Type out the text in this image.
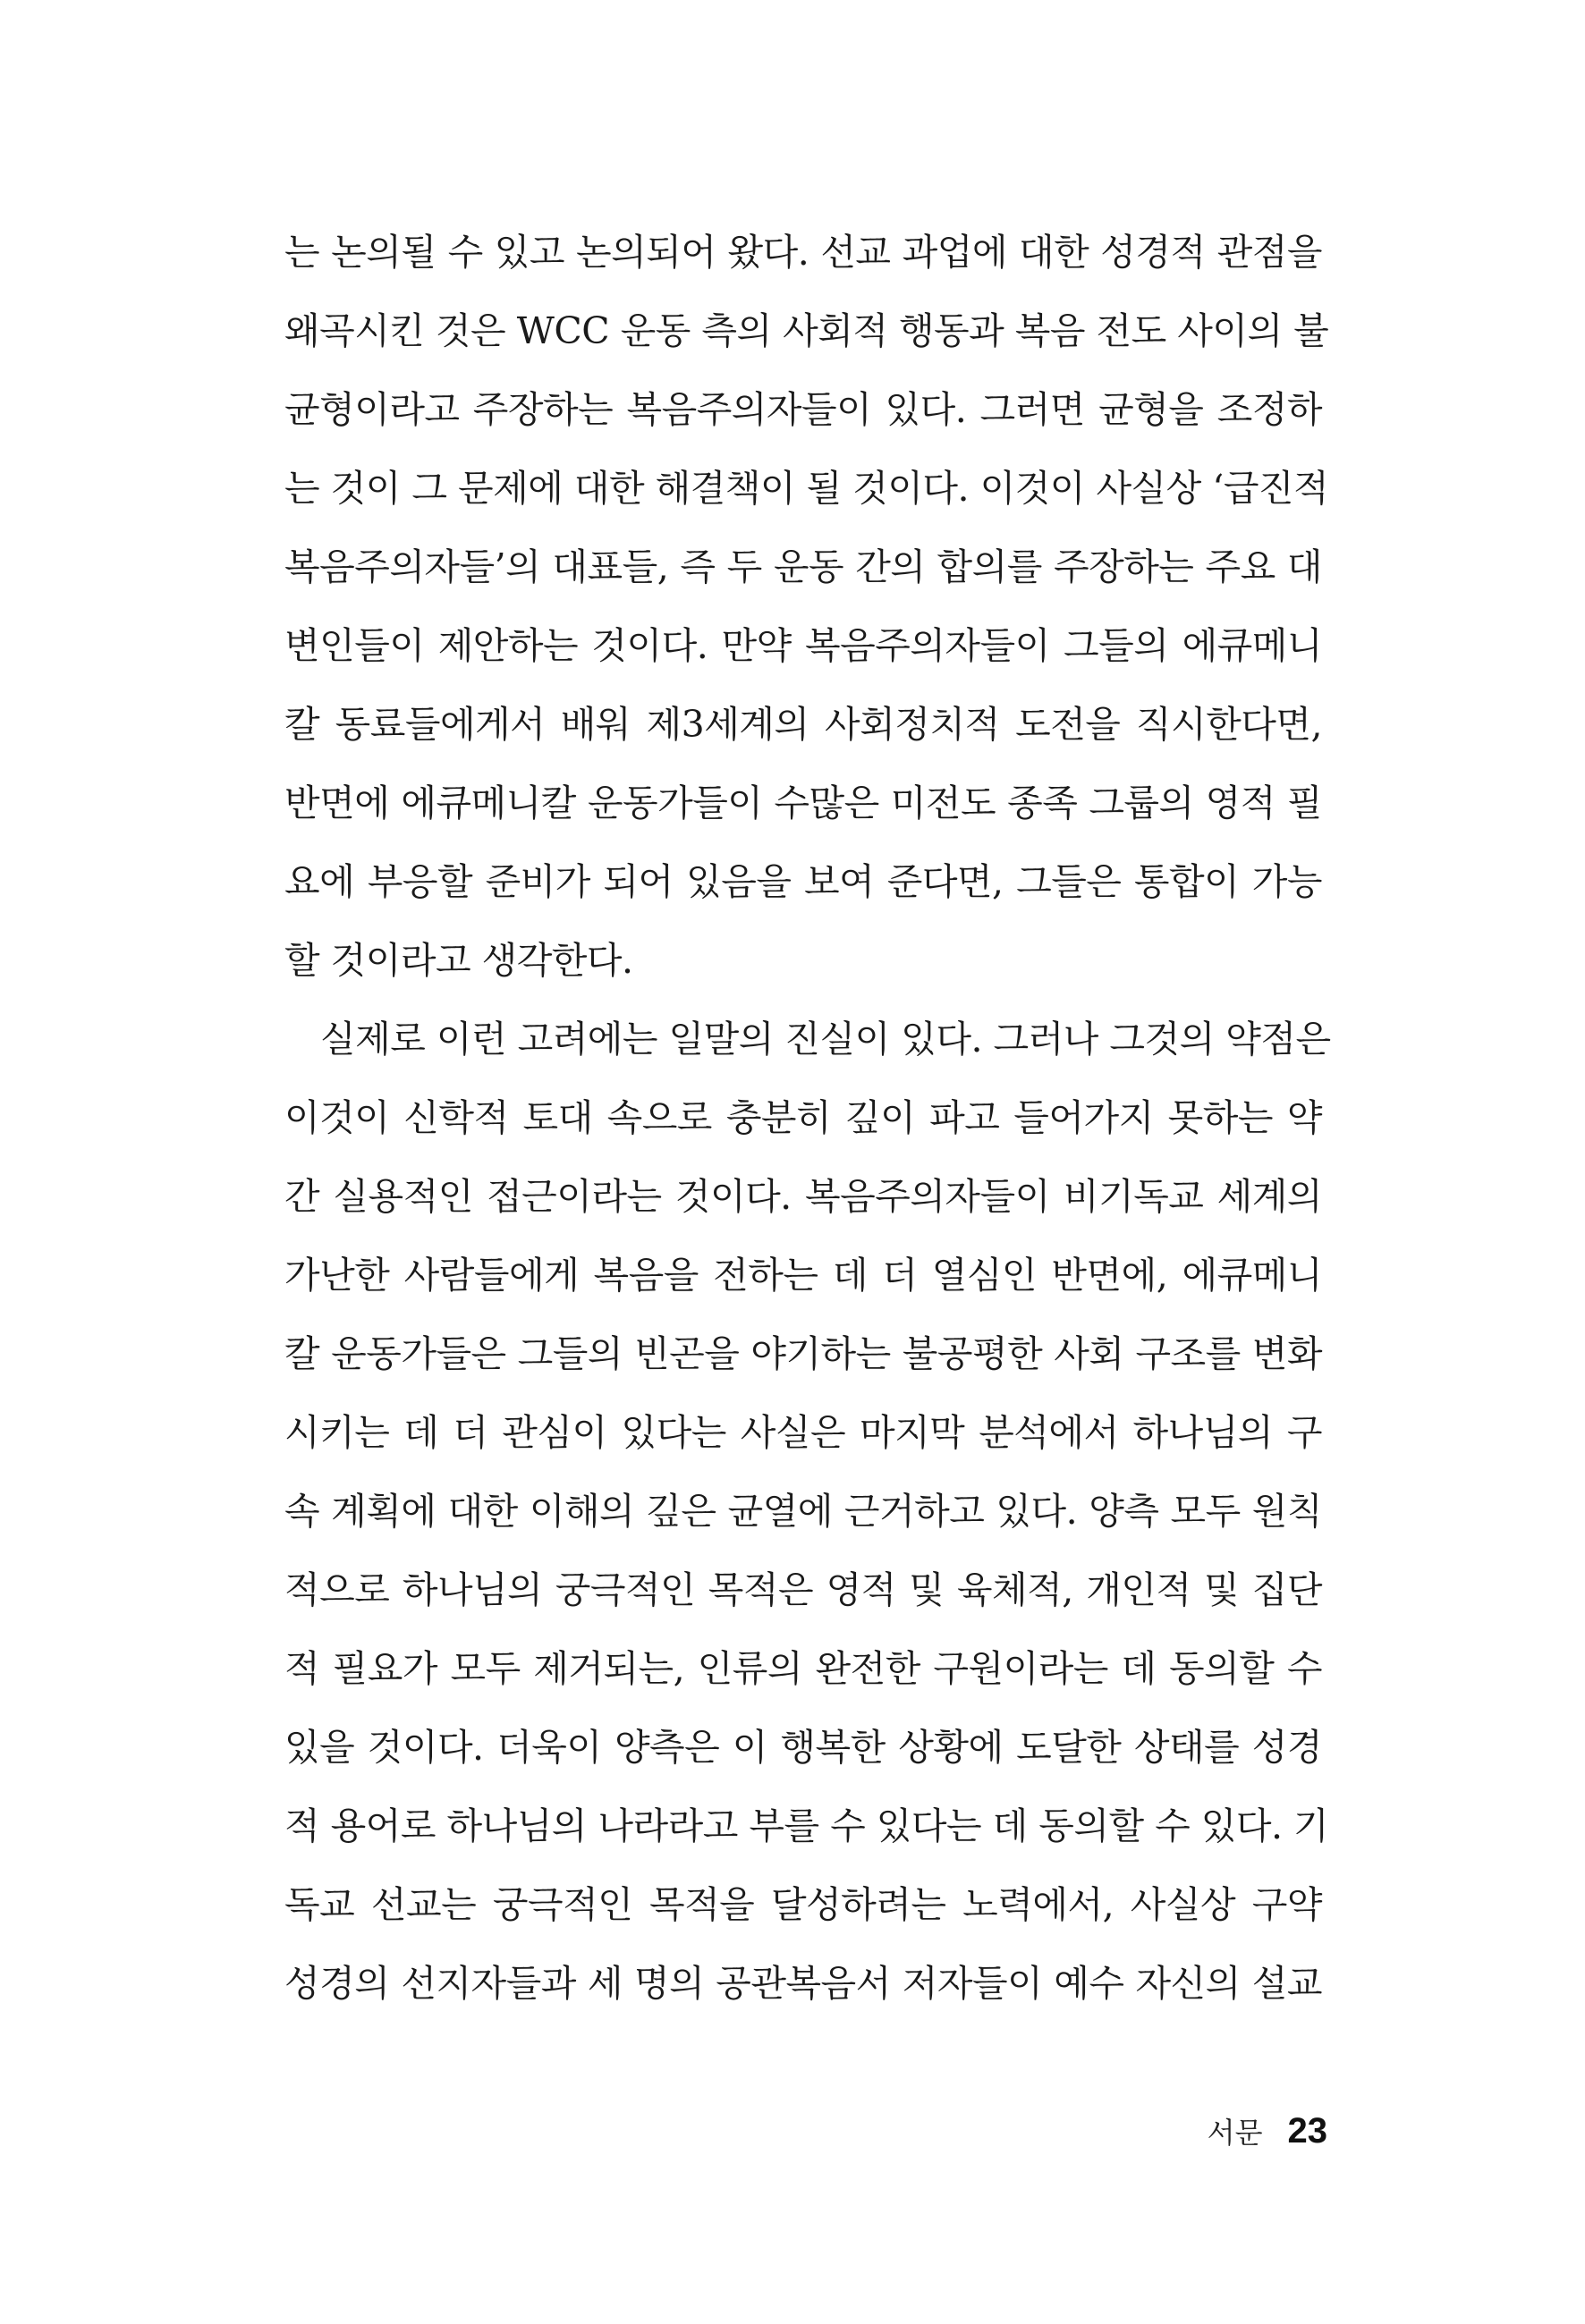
는 논의될 수 있고 논의되어 왔다. 선교 과업에 대한 성경적 관점을
왜곡시킨 것은 WCC 운동 측의 사회적 행동과 복음 전도 사이의 불
균형이라고 주장하는 복음주의자들이 있다. 그러면 균형을 조정하
는 것이 그 문제에 대한 해결책이 될 것이다. 이것이 사실상 ‘급진적
복음주의자들’의 대표들, 즉 두 운동 간의 합의를 주장하는 주요 대
변인들이 제안하는 것이다. 만약 복음주의자들이 그들의 에큐메니
칼 동료들에게서 배워 제3세계의 사회정치적 도전을 직시한다면,
반면에 에큐메니칼 운동가들이 수많은 미전도 종족 그룹의 영적 필
요에 부응할 준비가 되어 있음을 보여 준다면, 그들은 통합이 가능
할 것이라고 생각한다.
실제로 이런 고려에는 일말의 진실이 있다. 그러나 그것의 약점은
이것이 신학적 토대 속으로 충분히 깊이 파고 들어가지 못하는 약
간 실용적인 접근이라는 것이다. 복음주의자들이 비기독교 세계의
가난한 사람들에게 복음을 전하는 데 더 열심인 반면에, 에큐메니
칼 운동가들은 그들의 빈곤을 야기하는 불공평한 사회 구조를 변화
시키는 데 더 관심이 있다는 사실은 마지막 분석에서 하나님의 구
속 계획에 대한 이해의 깊은 균열에 근거하고 있다. 양측 모두 원칙
적으로 하나님의 궁극적인 목적은 영적 및 육체적, 개인적 및 집단
적 필요가 모두 제거되는, 인류의 완전한 구원이라는 데 동의할 수
있을 것이다. 더욱이 양측은 이 행복한 상황에 도달한 상태를 성경
적 용어로 하나님의 나라라고 부를 수 있다는 데 동의할 수 있다. 기
독교 선교는 궁극적인 목적을 달성하려는 노력에서, 사실상 구약
성경의 선지자들과 세 명의 공관복음서 저자들이 예수 자신의 설교
서문 23
